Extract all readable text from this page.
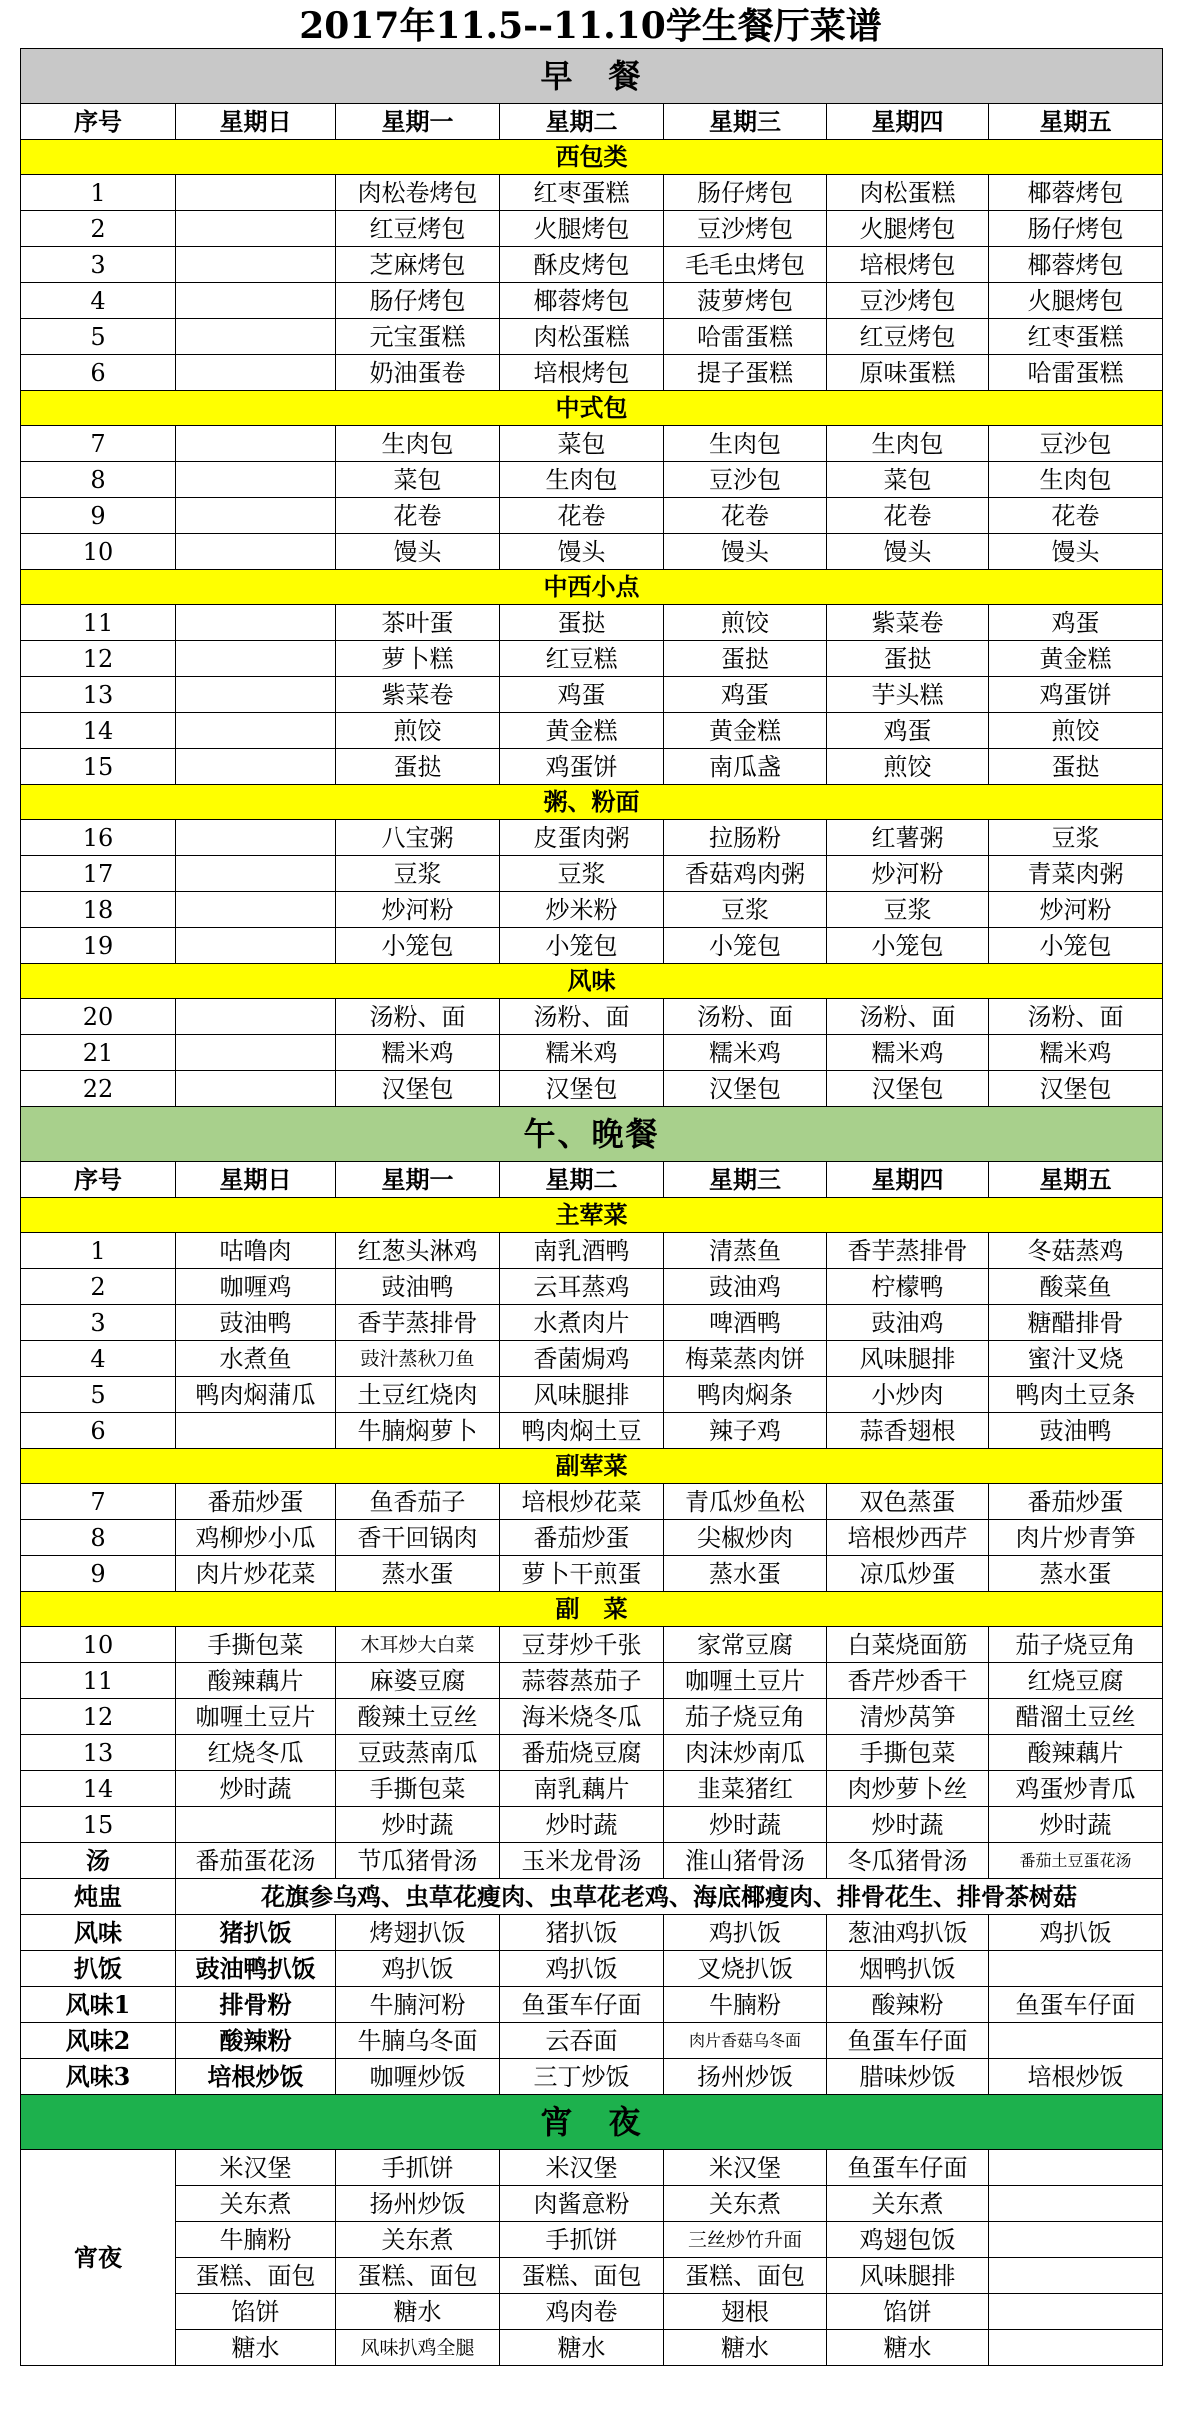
2017年11.5--11.10学生餐厅菜谱
早　餐						
序号	星期日	星期一	星期二	星期三	星期四	星期五
西包类						
1		肉松卷烤包	红枣蛋糕	肠仔烤包	肉松蛋糕	椰蓉烤包
2		红豆烤包	火腿烤包	豆沙烤包	火腿烤包	肠仔烤包
3		芝麻烤包	酥皮烤包	毛毛虫烤包	培根烤包	椰蓉烤包
4		肠仔烤包	椰蓉烤包	菠萝烤包	豆沙烤包	火腿烤包
5		元宝蛋糕	肉松蛋糕	哈雷蛋糕	红豆烤包	红枣蛋糕
6		奶油蛋卷	培根烤包	提子蛋糕	原味蛋糕	哈雷蛋糕
中式包						
7		生肉包	菜包	生肉包	生肉包	豆沙包
8		菜包	生肉包	豆沙包	菜包	生肉包
9		花卷	花卷	花卷	花卷	花卷
10		馒头	馒头	馒头	馒头	馒头
中西小点						
11		茶叶蛋	蛋挞	煎饺	紫菜卷	鸡蛋
12		萝卜糕	红豆糕	蛋挞	蛋挞	黄金糕
13		紫菜卷	鸡蛋	鸡蛋	芋头糕	鸡蛋饼
14		煎饺	黄金糕	黄金糕	鸡蛋	煎饺
15		蛋挞	鸡蛋饼	南瓜盏	煎饺	蛋挞
粥、粉面						
16		八宝粥	皮蛋肉粥	拉肠粉	红薯粥	豆浆
17		豆浆	豆浆	香菇鸡肉粥	炒河粉	青菜肉粥
18		炒河粉	炒米粉	豆浆	豆浆	炒河粉
19		小笼包	小笼包	小笼包	小笼包	小笼包
风味						
20		汤粉、面	汤粉、面	汤粉、面	汤粉、面	汤粉、面
21		糯米鸡	糯米鸡	糯米鸡	糯米鸡	糯米鸡
22		汉堡包	汉堡包	汉堡包	汉堡包	汉堡包
午、晚餐						
序号	星期日	星期一	星期二	星期三	星期四	星期五
主荤菜						
1	咕噜肉	红葱头淋鸡	南乳酒鸭	清蒸鱼	香芋蒸排骨	冬菇蒸鸡
2	咖喱鸡	豉油鸭	云耳蒸鸡	豉油鸡	柠檬鸭	酸菜鱼
3	豉油鸭	香芋蒸排骨	水煮肉片	啤酒鸭	豉油鸡	糖醋排骨
4	水煮鱼	豉汁蒸秋刀鱼	香菌焗鸡	梅菜蒸肉饼	风味腿排	蜜汁叉烧
5	鸭肉焖蒲瓜	土豆红烧肉	风味腿排	鸭肉焖条	小炒肉	鸭肉土豆条
6		牛腩焖萝卜	鸭肉焖土豆	辣子鸡	蒜香翅根	豉油鸭
副荤菜						
7	番茄炒蛋	鱼香茄子	培根炒花菜	青瓜炒鱼松	双色蒸蛋	番茄炒蛋
8	鸡柳炒小瓜	香干回锅肉	番茄炒蛋	尖椒炒肉	培根炒西芹	肉片炒青笋
9	肉片炒花菜	蒸水蛋	萝卜干煎蛋	蒸水蛋	凉瓜炒蛋	蒸水蛋
副　菜						
10	手撕包菜	木耳炒大白菜	豆芽炒千张	家常豆腐	白菜烧面筋	茄子烧豆角
11	酸辣藕片	麻婆豆腐	蒜蓉蒸茄子	咖喱土豆片	香芹炒香干	红烧豆腐
12	咖喱土豆片	酸辣土豆丝	海米烧冬瓜	茄子烧豆角	清炒莴笋	醋溜土豆丝
13	红烧冬瓜	豆豉蒸南瓜	番茄烧豆腐	肉沫炒南瓜	手撕包菜	酸辣藕片
14	炒时蔬	手撕包菜	南乳藕片	韭菜猪红	肉炒萝卜丝	鸡蛋炒青瓜
15		炒时蔬	炒时蔬	炒时蔬	炒时蔬	炒时蔬
汤	番茄蛋花汤	节瓜猪骨汤	玉米龙骨汤	淮山猪骨汤	冬瓜猪骨汤	番茄土豆蛋花汤
炖盅	花旗参乌鸡、虫草花瘦肉、虫草花老鸡、海底椰瘦肉、排骨花生、排骨茶树菇					
风味	猪扒饭	烤翅扒饭	猪扒饭	鸡扒饭	葱油鸡扒饭	鸡扒饭
扒饭	豉油鸭扒饭	鸡扒饭	鸡扒饭	叉烧扒饭	烟鸭扒饭	
风味1	排骨粉	牛腩河粉	鱼蛋车仔面	牛腩粉	酸辣粉	鱼蛋车仔面
风味2	酸辣粉	牛腩乌冬面	云吞面	肉片香菇乌冬面	鱼蛋车仔面	
风味3	培根炒饭	咖喱炒饭	三丁炒饭	扬州炒饭	腊味炒饭	培根炒饭
宵　夜						
宵夜	米汉堡	手抓饼	米汉堡	米汉堡	鱼蛋车仔面	
	关东煮	扬州炒饭	肉酱意粉	关东煮	关东煮	
	牛腩粉	关东煮	手抓饼	三丝炒竹升面	鸡翅包饭	
	蛋糕、面包	蛋糕、面包	蛋糕、面包	蛋糕、面包	风味腿排	
	馅饼	糖水	鸡肉卷	翅根	馅饼	
	糖水	风味扒鸡全腿	糖水	糖水	糖水	
